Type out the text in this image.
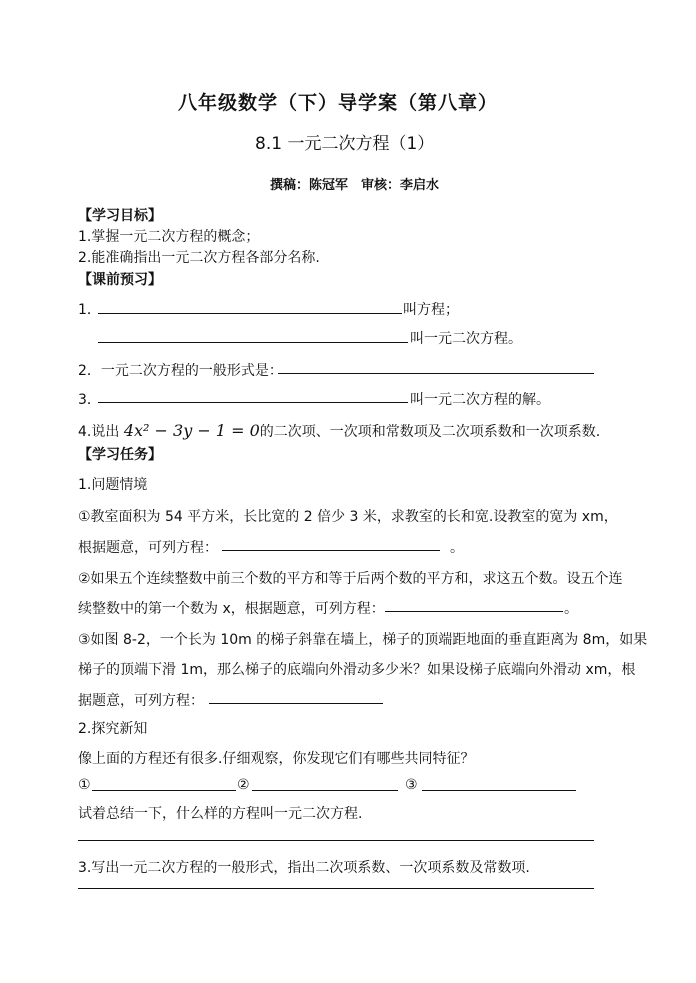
八年级数学（下）导学案（第八章）
8.1 一元二次方程（1）
撰稿：陈冠军　审核：李启水
【学习目标】
1.掌握一元二次方程的概念；
2.能准确指出一元二次方程各部分名称.
【课前预习】
1．	叫方程；
叫一元二次方程。
2．一元二次方程的一般形式是：
3．	叫一元二次方程的解。
4.说出 4x² − 3y − 1 = 0的二次项、一次项和常数项及二次项系数和一次项系数.
【学习任务】
1.问题情境
①教室面积为 54 平方米，长比宽的 2 倍少 3 米，求教室的长和宽.设教室的宽为 xm，
根据题意，可列方程：	。
②如果五个连续整数中前三个数的平方和等于后两个数的平方和，求这五个数。设五个连
续整数中的第一个数为 x，根据题意，可列方程：	。
③如图 8-2，一个长为 10m 的梯子斜靠在墙上，梯子的顶端距地面的垂直距离为 8m，如果
梯子的顶端下滑 1m，那么梯子的底端向外滑动多少米？如果设梯子底端向外滑动 xm，根
据题意，可列方程：
2.探究新知
像上面的方程还有很多.仔细观察，你发现它们有哪些共同特征？
①	②	③
试着总结一下，什么样的方程叫一元二次方程.
3.写出一元二次方程的一般形式，指出二次项系数、一次项系数及常数项.
